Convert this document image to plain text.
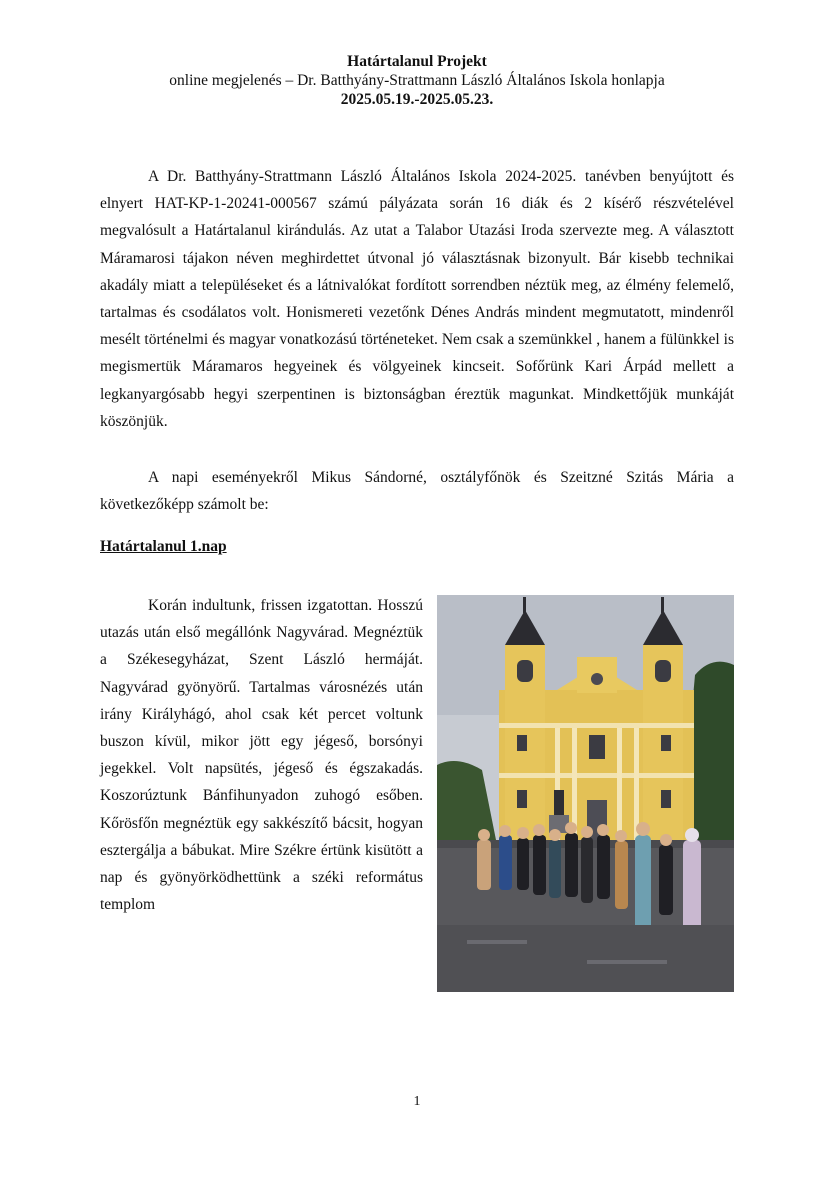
Határtalanul Projekt
online megjelenés – Dr. Batthyány-Strattmann László Általános Iskola honlapja
2025.05.19.-2025.05.23.

A Dr. Batthyány-Strattmann László Általános Iskola 2024-2025. tanévben benyújtott és elnyert HAT-KP-1-20241-000567 számú pályázata során 16 diák és 2 kísérő részvételével megvalósult a Határtalanul kirándulás. Az utat a Talabor Utazási Iroda szervezte meg. A választott Máramarosi tájakon néven meghirdettet útvonal jó választásnak bizonyult. Bár kisebb technikai akadály miatt a településeket és a látnivalókat fordított sorrendben néztük meg, az élmény felemelő, tartalmas és csodálatos volt. Honismereti vezetőnk Dénes András mindent megmutatott, mindenről mesélt történelmi és magyar vonatkozású történeteket. Nem csak a szemünkkel , hanem a fülünkkel is megismertük Máramaros hegyeinek és völgyeinek kincseit. Sofőrünk Kari Árpád mellett a legkanyargósabb hegyi szerpentinen is biztonságban éreztük magunkat. Mindkettőjük munkáját köszönjük.

A napi eseményekről Mikus Sándorné, osztályfőnök és Szeitzné Szitás Mária a következőképp számolt be:

Határtalanul 1.nap

Korán indultunk, frissen izgatottan. Hosszú utazás után első megállónk Nagyvárad. Megnéztük a Székesegyházat, Szent László hermáját. Nagyvárad gyönyörű. Tartalmas városnézés után irány Királyhágó, ahol csak két percet voltunk buszon kívül, mikor jött egy jégeső, borsónyi jegekkel. Volt napsütés, jégeső és égszakadás. Koszorúztunk Bánfihunyadon zuhogó esőben. Kőrösfőn megnéztük egy sakkészítő bácsit, hogyan esztergálja a bábukat. Mire Székre értünk kisütött a nap és gyönyörködhettünk a széki református templom

1
